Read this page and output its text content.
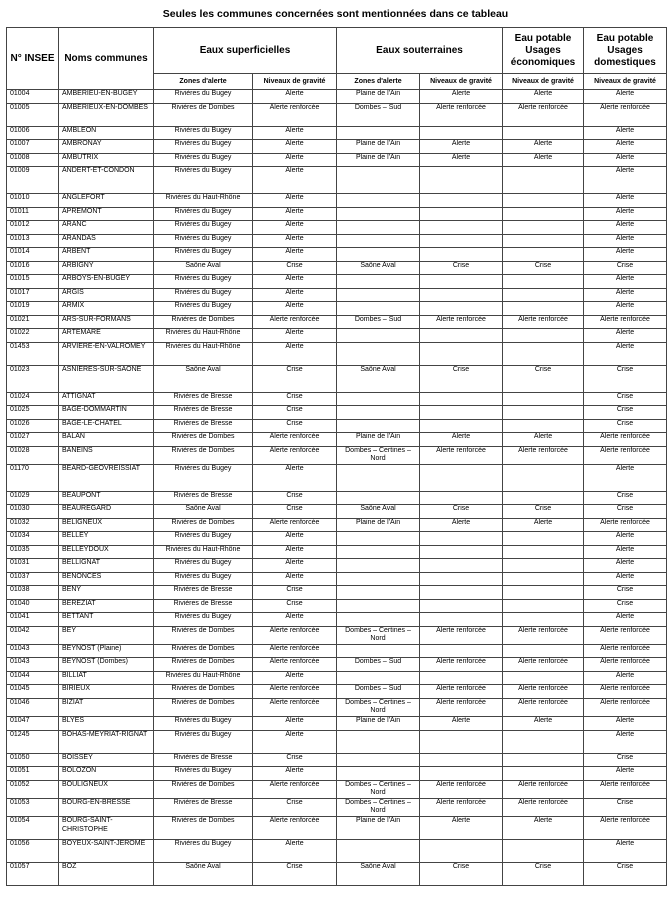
Seules les communes concernées sont mentionnées dans ce tableau
N° INSEE	Noms communes	Eaux superficielles		Eaux souterraines		Eau potable Usages économiques	Eau potable Usages domestiques
		Zones d'alerte	Niveaux de gravité	Zones d'alerte	Niveaux de gravité	Niveaux de gravité	Niveaux de gravité
01004	AMBERIEU-EN-BUGEY	Rivières du Bugey	Alerte	Plaine de l'Ain	Alerte	Alerte	Alerte
01005	AMBERIEUX-EN-DOMBES	Rivières de Dombes	Alerte renforcée	Dombes – Sud	Alerte renforcée	Alerte renforcée	Alerte renforcée
01006	AMBLEON	Rivières du Bugey	Alerte				Alerte
01007	AMBRONAY	Rivières du Bugey	Alerte	Plaine de l'Ain	Alerte	Alerte	Alerte
01008	AMBUTRIX	Rivières du Bugey	Alerte	Plaine de l'Ain	Alerte	Alerte	Alerte
01009	ANDERT-ET-CONDON	Rivières du Bugey	Alerte				Alerte
01010	ANGLEFORT	Rivières du Haut-Rhône	Alerte				Alerte
01011	APREMONT	Rivières du Bugey	Alerte				Alerte
01012	ARANC	Rivières du Bugey	Alerte				Alerte
01013	ARANDAS	Rivières du Bugey	Alerte				Alerte
01014	ARBENT	Rivières du Bugey	Alerte				Alerte
01016	ARBIGNY	Saône Aval	Crise	Saône Aval	Crise	Crise	Crise
01015	ARBOYS-EN-BUGEY	Rivières du Bugey	Alerte				Alerte
01017	ARGIS	Rivières du Bugey	Alerte				Alerte
01019	ARMIX	Rivières du Bugey	Alerte				Alerte
01021	ARS-SUR-FORMANS	Rivières de Dombes	Alerte renforcée	Dombes – Sud	Alerte renforcée	Alerte renforcée	Alerte renforcée
01022	ARTEMARE	Rivières du Haut-Rhône	Alerte				Alerte
01453	ARVIERE-EN-VALROMEY	Rivières du Haut-Rhône	Alerte				Alerte
01023	ASNIERES-SUR-SAONE	Saône Aval	Crise	Saône Aval	Crise	Crise	Crise
01024	ATTIGNAT	Rivières de Bresse	Crise				Crise
01025	BAGE-DOMMARTIN	Rivières de Bresse	Crise				Crise
01026	BAGE-LE-CHATEL	Rivières de Bresse	Crise				Crise
01027	BALAN	Rivières de Dombes	Alerte renforcée	Plaine de l'Ain	Alerte	Alerte	Alerte renforcée
01028	BANEINS	Rivières de Dombes	Alerte renforcée	Dombes – Certines – Nord	Alerte renforcée	Alerte renforcée	Alerte renforcée
01170	BEARD-GEOVREISSIAT	Rivières du Bugey	Alerte				Alerte
01029	BEAUPONT	Rivières de Bresse	Crise				Crise
01030	BEAUREGARD	Saône Aval	Crise	Saône Aval	Crise	Crise	Crise
01032	BELIGNEUX	Rivières de Dombes	Alerte renforcée	Plaine de l'Ain	Alerte	Alerte	Alerte renforcée
01034	BELLEY	Rivières du Bugey	Alerte				Alerte
01035	BELLEYDOUX	Rivières du Haut-Rhône	Alerte				Alerte
01031	BELLIGNAT	Rivières du Bugey	Alerte				Alerte
01037	BENONCES	Rivières du Bugey	Alerte				Alerte
01038	BENY	Rivières de Bresse	Crise				Crise
01040	BEREZIAT	Rivières de Bresse	Crise				Crise
01041	BETTANT	Rivières du Bugey	Alerte				Alerte
01042	BEY	Rivières de Dombes	Alerte renforcée	Dombes – Certines – Nord	Alerte renforcée	Alerte renforcée	Alerte renforcée
01043	BEYNOST (Plaine)	Rivières de Dombes	Alerte renforcée				Alerte renforcée
01043	BEYNOST (Dombes)	Rivières de Dombes	Alerte renforcée	Dombes – Sud	Alerte renforcée	Alerte renforcée	Alerte renforcée
01044	BILLIAT	Rivières du Haut-Rhône	Alerte				Alerte
01045	BIRIEUX	Rivières de Dombes	Alerte renforcée	Dombes – Sud	Alerte renforcée	Alerte renforcée	Alerte renforcée
01046	BIZIAT	Rivières de Dombes	Alerte renforcée	Dombes – Certines – Nord	Alerte renforcée	Alerte renforcée	Alerte renforcée
01047	BLYES	Rivières du Bugey	Alerte	Plaine de l'Ain	Alerte	Alerte	Alerte
01245	BOHAS-MEYRIAT-RIGNAT	Rivières du Bugey	Alerte				Alerte
01050	BOISSEY	Rivières de Bresse	Crise				Crise
01051	BOLOZON	Rivières du Bugey	Alerte				Alerte
01052	BOULIGNEUX	Rivières de Dombes	Alerte renforcée	Dombes – Certines – Nord	Alerte renforcée	Alerte renforcée	Alerte renforcée
01053	BOURG-EN-BRESSE	Rivières de Bresse	Crise	Dombes – Certines – Nord	Alerte renforcée	Alerte renforcée	Crise
01054	BOURG-SAINT-CHRISTOPHE	Rivières de Dombes	Alerte renforcée	Plaine de l'Ain	Alerte	Alerte	Alerte renforcée
01056	BOYEUX-SAINT-JEROME	Rivières du Bugey	Alerte				Alerte
01057	BOZ	Saône Aval	Crise	Saône Aval	Crise	Crise	Crise
